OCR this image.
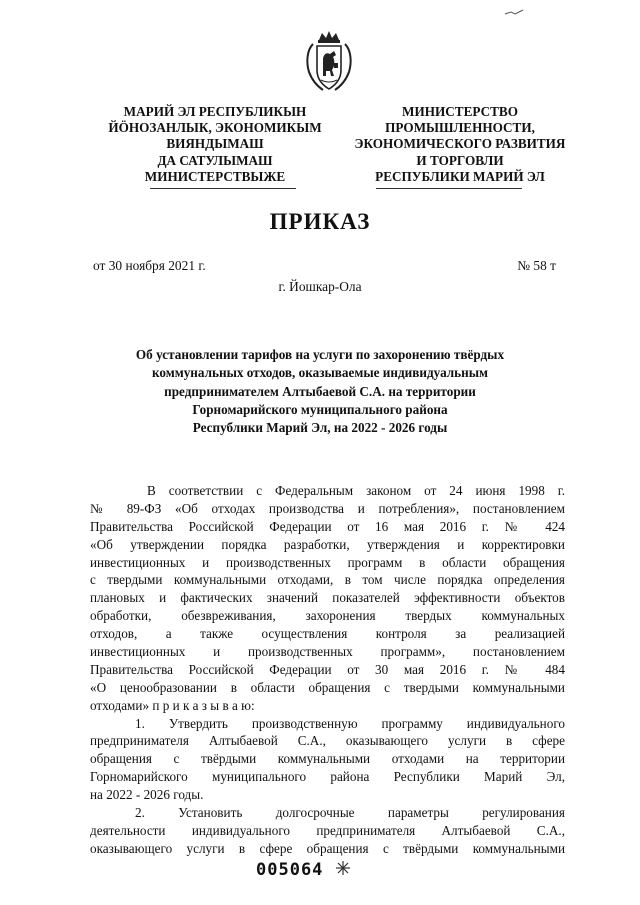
МАРИЙ ЭЛ РЕСПУБЛИКЫН
ЙӦНОЗАНЛЫК, ЭКОНОМИКЫМ
ВИЯНДЫМАШ
ДА САТУЛЫМАШ
МИНИСТЕРСТВЫЖЕ
МИНИСТЕРСТВО
ПРОМЫШЛЕННОСТИ,
ЭКОНОМИЧЕСКОГО РАЗВИТИЯ
И ТОРГОВЛИ
РЕСПУБЛИКИ МАРИЙ ЭЛ
ПРИКАЗ
от 30 ноября 2021 г.	№ 58 т
г. Йошкар-Ола
Об установлении тарифов на услуги по захоронению твёрдых
коммунальных отходов, оказываемые индивидуальным
предпринимателем Алтыбаевой С.А. на территории
Горномарийского муниципального района
Республики Марий Эл, на 2022 - 2026 годы
В соответствии с Федеральным законом от 24 июня 1998 г.
№ 89-ФЗ «Об отходах производства и потребления», постановлением
Правительства Российской Федерации от 16 мая 2016 г. № 424
«Об утверждении порядка разработки, утверждения и корректировки
инвестиционных и производственных программ в области обращения
с твердыми коммунальными отходами, в том числе порядка определения
плановых и фактических значений показателей эффективности объектов
обработки, обезвреживания, захоронения твердых коммунальных
отходов, а также осуществления контроля за реализацией
инвестиционных и производственных программ», постановлением
Правительства Российской Федерации от 30 мая 2016 г. № 484
«О ценообразовании в области обращения с твердыми коммунальными
отходами» п р и к а з ы в а ю:
1. Утвердить производственную программу индивидуального
предпринимателя Алтыбаевой С.А., оказывающего услуги в сфере
обращения с твёрдыми коммунальными отходами на территории
Горномарийского муниципального района Республики Марий Эл,
на 2022 - 2026 годы.
2. Установить долгосрочные параметры регулирования
деятельности индивидуального предпринимателя Алтыбаевой С.А.,
оказывающего услуги в сфере обращения с твёрдыми коммунальными
005064
